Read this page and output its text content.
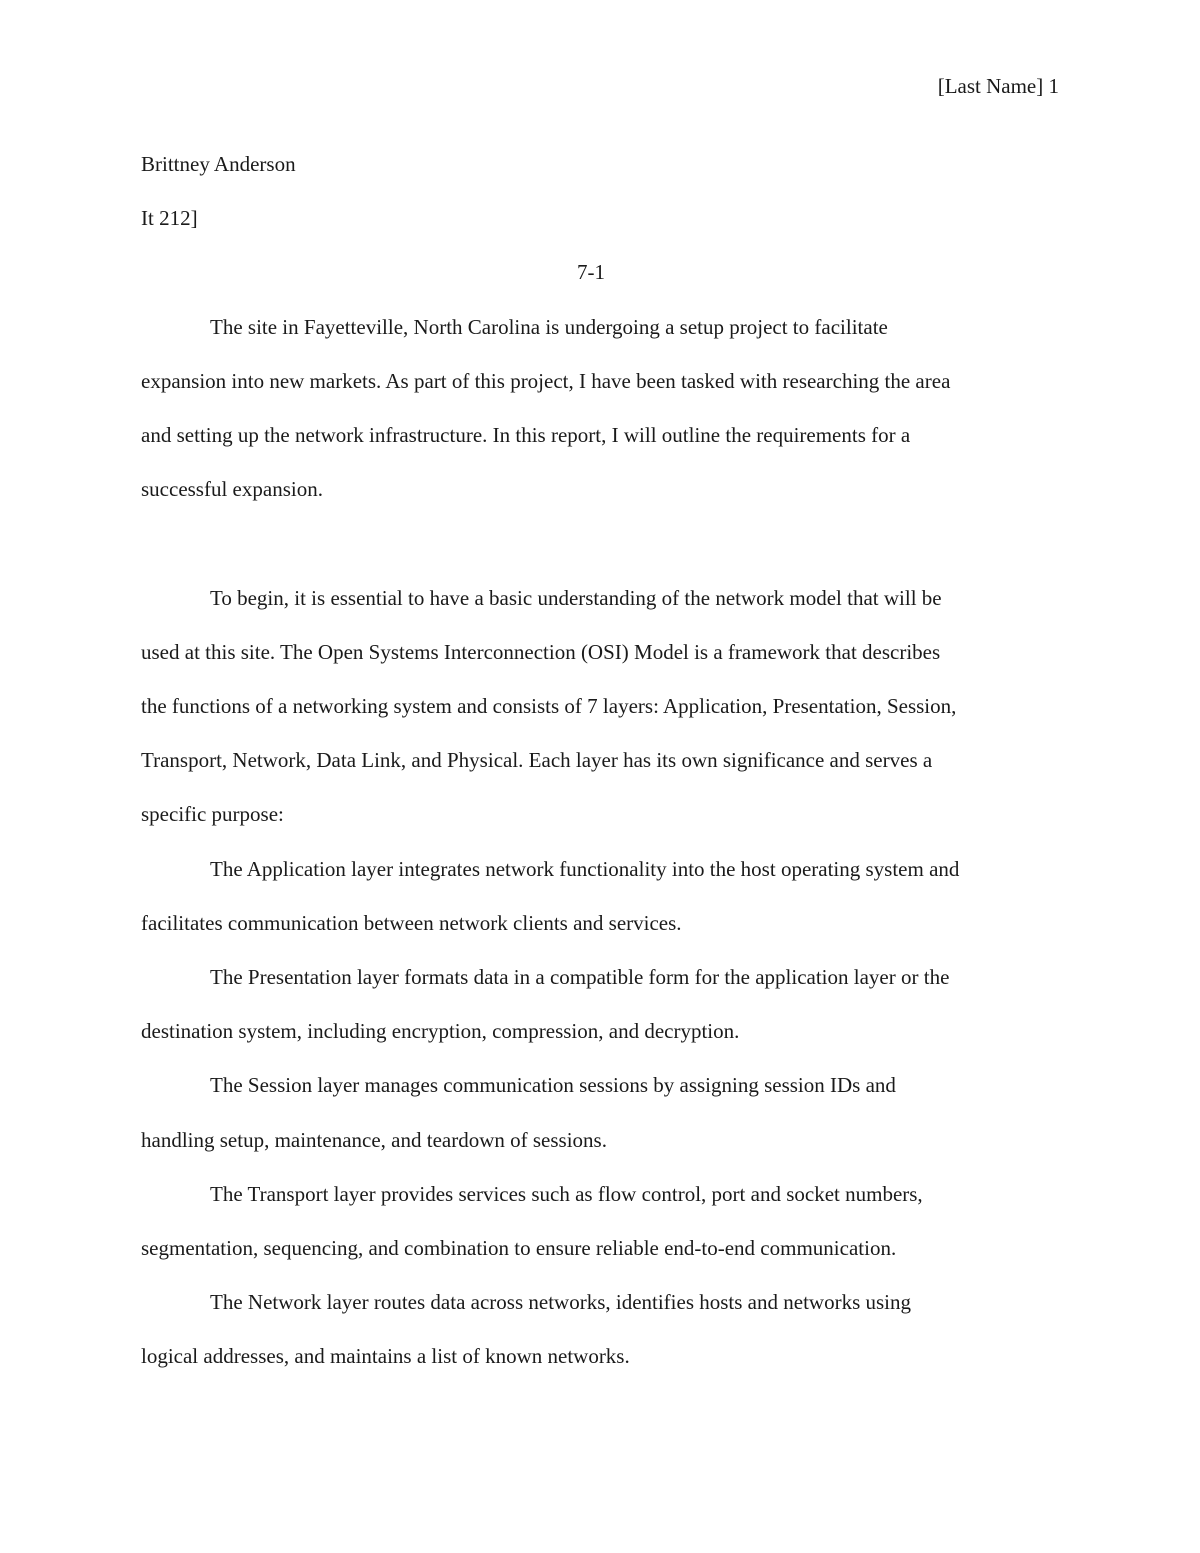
[Last Name] 1
Brittney Anderson
It 212]
7-1
The site in Fayetteville, North Carolina is undergoing a setup project to facilitate
expansion into new markets. As part of this project, I have been tasked with researching the area
and setting up the network infrastructure. In this report, I will outline the requirements for a
successful expansion.
To begin, it is essential to have a basic understanding of the network model that will be
used at this site. The Open Systems Interconnection (OSI) Model is a framework that describes
the functions of a networking system and consists of 7 layers: Application, Presentation, Session,
Transport, Network, Data Link, and Physical. Each layer has its own significance and serves a
specific purpose:
The Application layer integrates network functionality into the host operating system and
facilitates communication between network clients and services.
The Presentation layer formats data in a compatible form for the application layer or the
destination system, including encryption, compression, and decryption.
The Session layer manages communication sessions by assigning session IDs and
handling setup, maintenance, and teardown of sessions.
The Transport layer provides services such as flow control, port and socket numbers,
segmentation, sequencing, and combination to ensure reliable end-to-end communication.
The Network layer routes data across networks, identifies hosts and networks using
logical addresses, and maintains a list of known networks.
